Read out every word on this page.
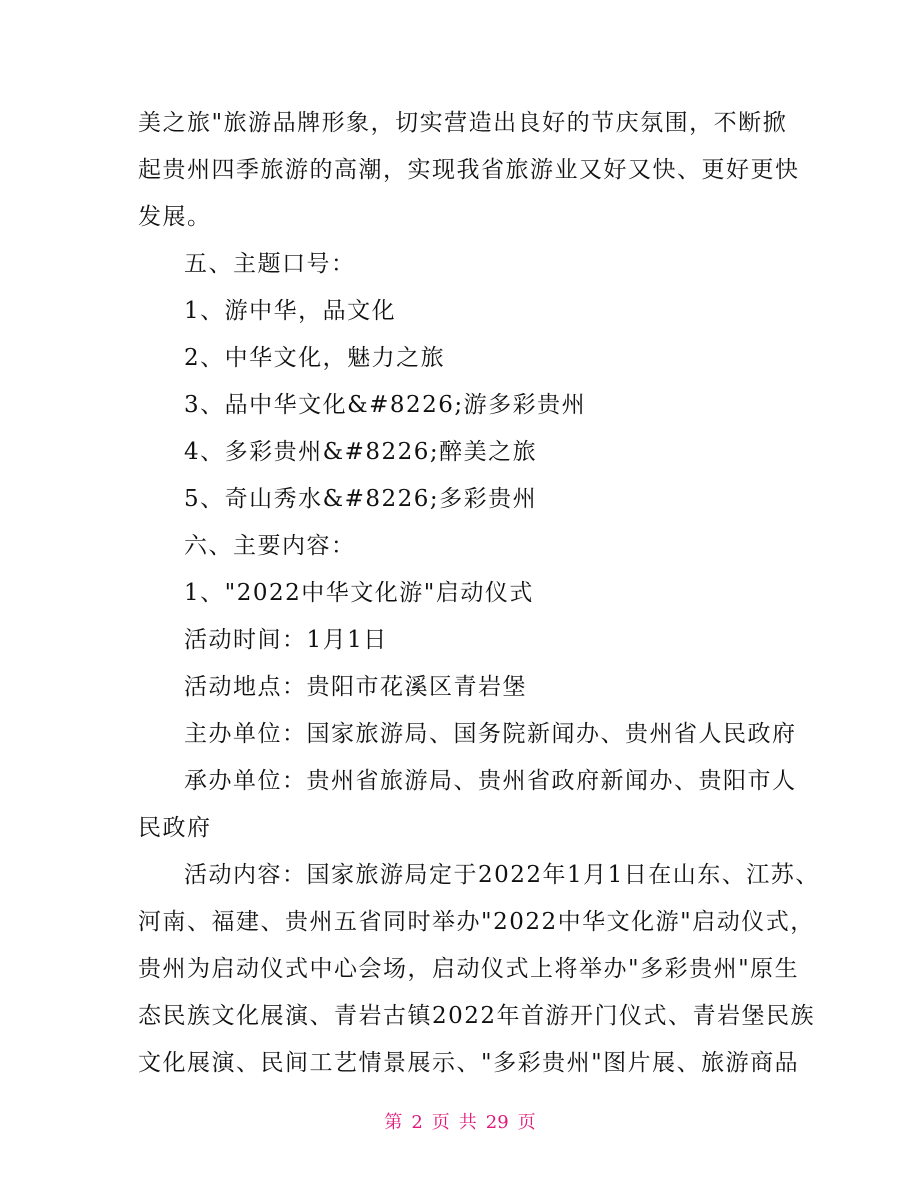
美之旅"旅游品牌形象，切实营造出良好的节庆氛围，不断掀
起贵州四季旅游的高潮，实现我省旅游业又好又快、更好更快
发展。
五、主题口号：
1、游中华，品文化
2、中华文化，魅力之旅
3、品中华文化&#8226;游多彩贵州
4、多彩贵州&#8226;醉美之旅
5、奇山秀水&#8226;多彩贵州
六、主要内容：
1、"2022中华文化游"启动仪式
活动时间：1月1日
活动地点：贵阳市花溪区青岩堡
主办单位：国家旅游局、国务院新闻办、贵州省人民政府
承办单位：贵州省旅游局、贵州省政府新闻办、贵阳市人
民政府
活动内容：国家旅游局定于2022年1月1日在山东、江苏、
河南、福建、贵州五省同时举办"2022中华文化游"启动仪式，
贵州为启动仪式中心会场，启动仪式上将举办"多彩贵州"原生
态民族文化展演、青岩古镇2022年首游开门仪式、青岩堡民族
文化展演、民间工艺情景展示、"多彩贵州"图片展、旅游商品
第 2 页 共 29 页
